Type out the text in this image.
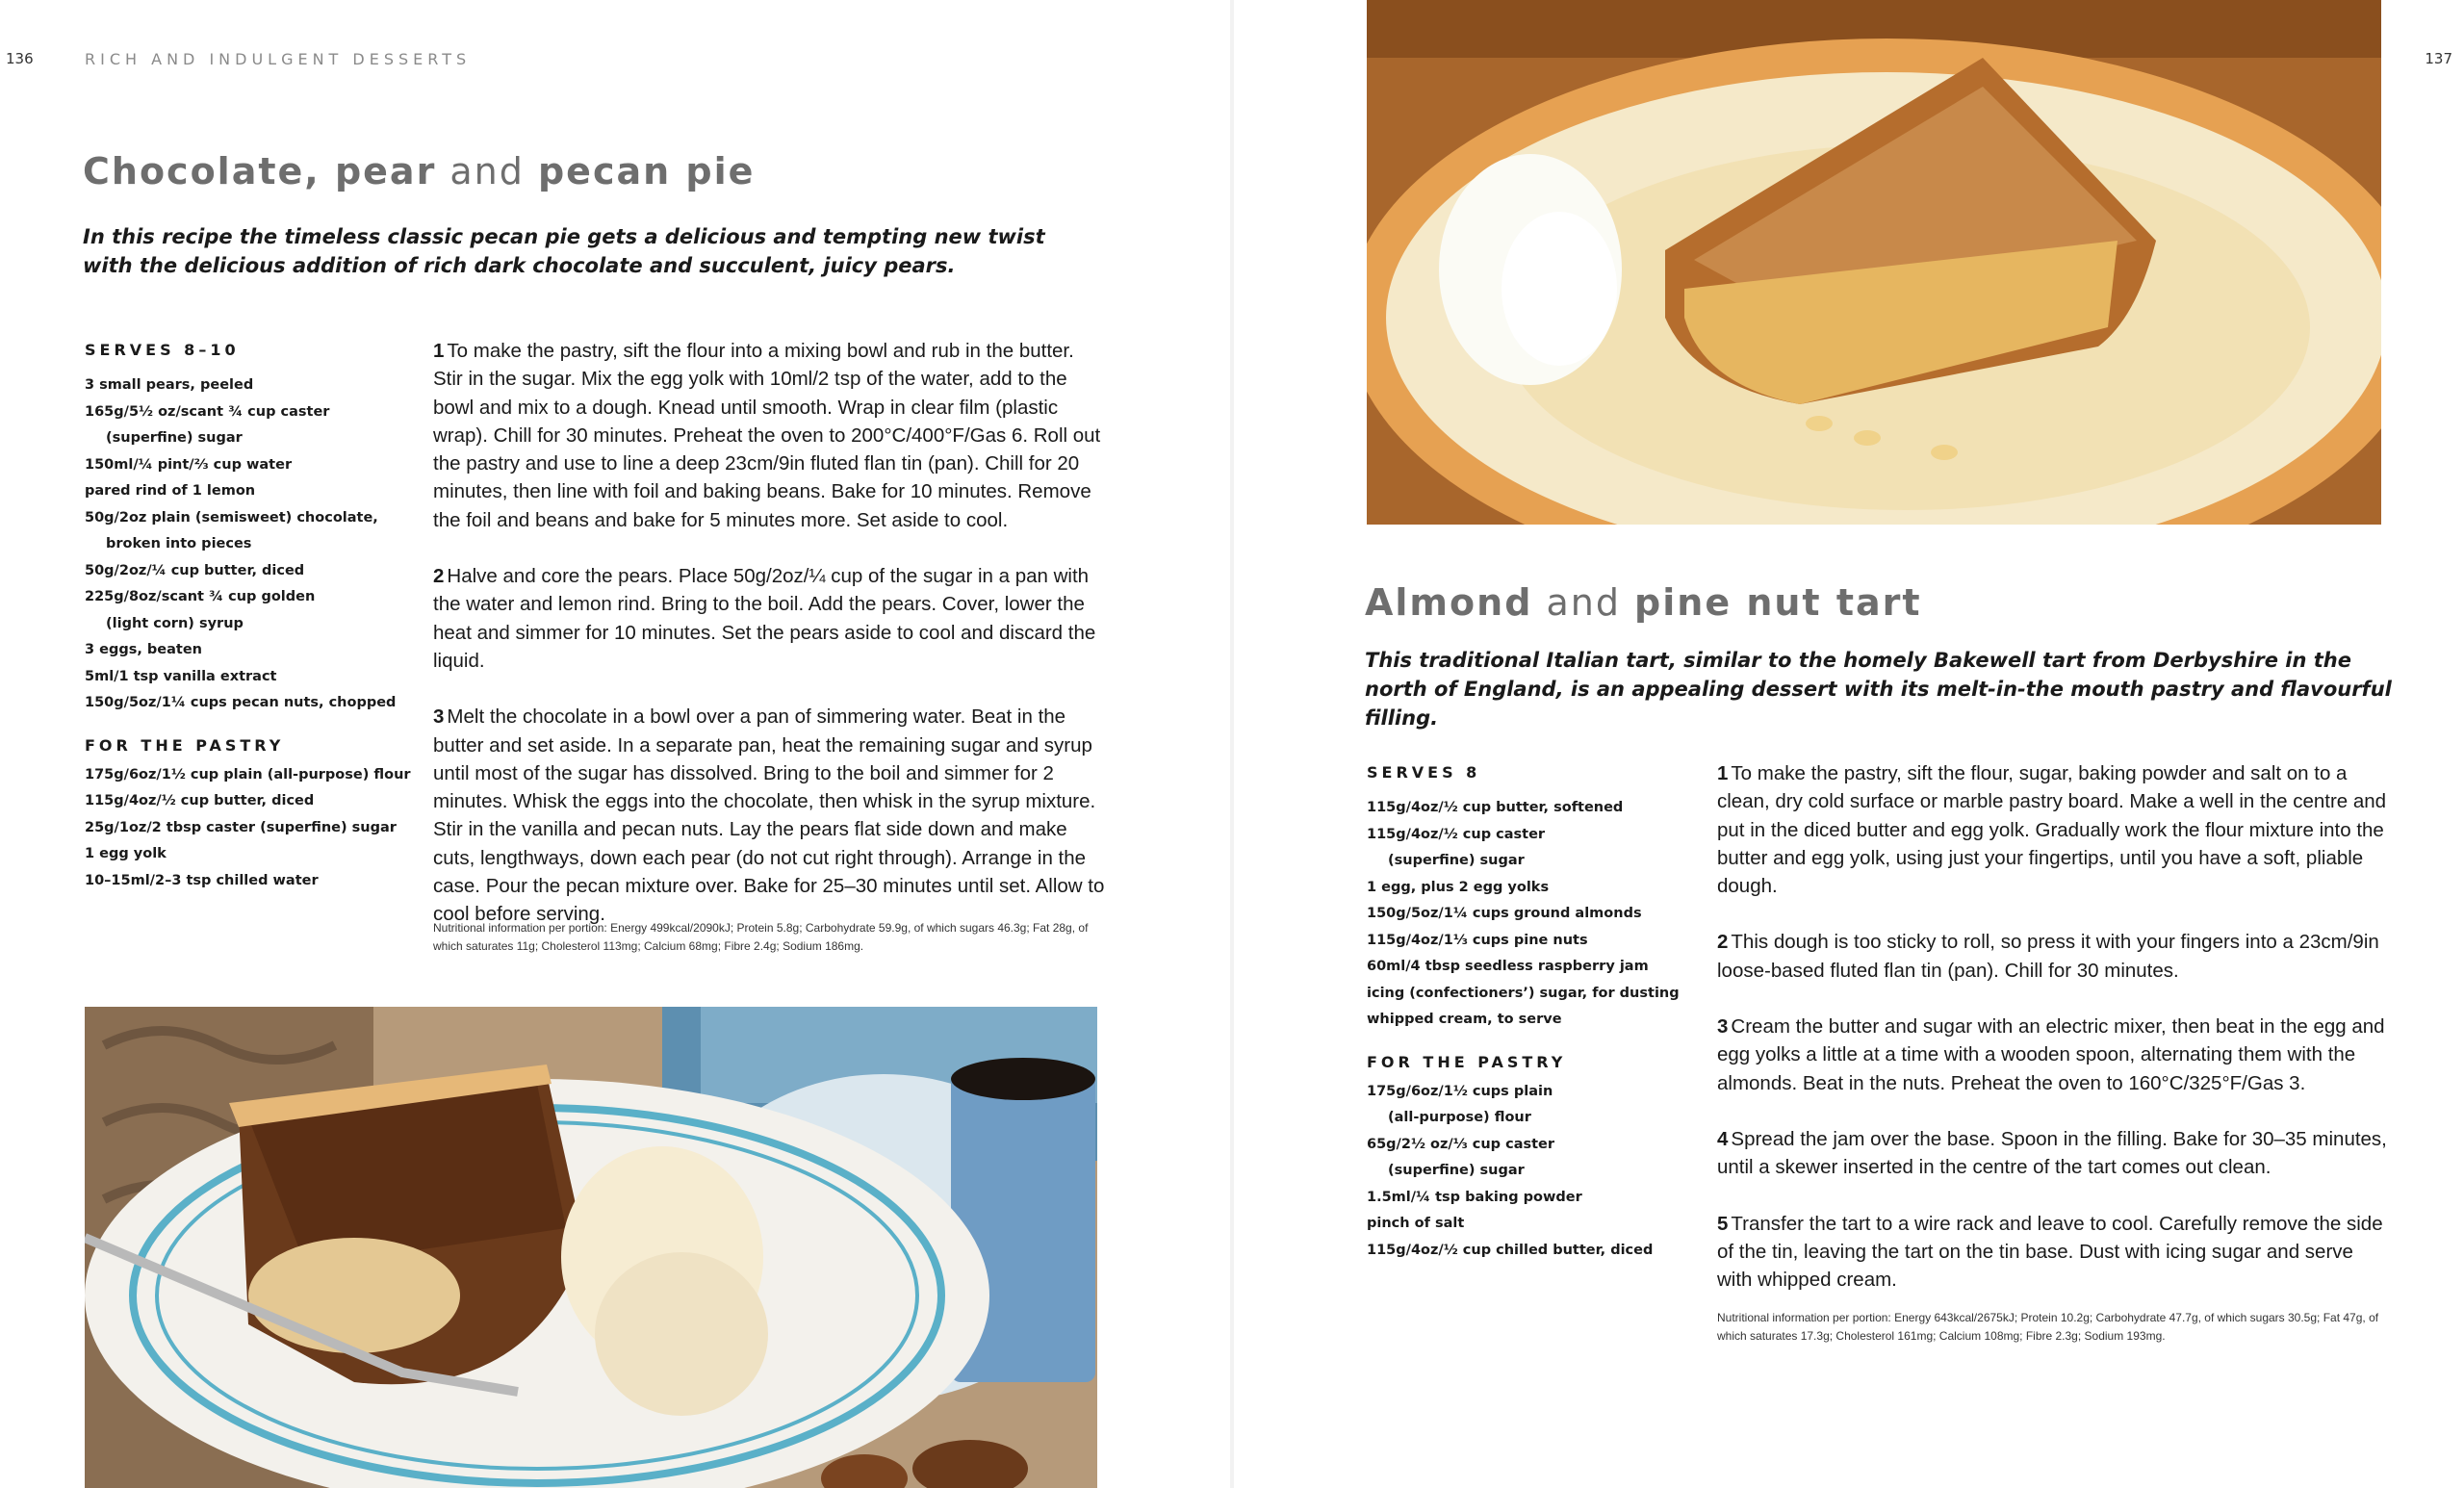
136	RICH AND INDULGENT DESSERTS
Chocolate, pear and pecan pie
In this recipe the timeless classic pecan pie gets a delicious and tempting new twist with the delicious addition of rich dark chocolate and succulent, juicy pears.
SERVES 8–10
3 small pears, peeled
165g/5½ oz/scant ¾ cup caster
(superfine) sugar
150ml/¼ pint/⅔ cup water
pared rind of 1 lemon
50g/2oz plain (semisweet) chocolate,
broken into pieces
50g/2oz/¼ cup butter, diced
225g/8oz/scant ¾ cup golden
(light corn) syrup
3 eggs, beaten
5ml/1 tsp vanilla extract
150g/5oz/1¼ cups pecan nuts, chopped
FOR THE PASTRY
175g/6oz/1½ cup plain (all-purpose) flour
115g/4oz/½ cup butter, diced
25g/1oz/2 tbsp caster (superfine) sugar
1 egg yolk
10–15ml/2–3 tsp chilled water
1 To make the pastry, sift the flour into a mixing bowl and rub in the butter. Stir in the sugar. Mix the egg yolk with 10ml/2 tsp of the water, add to the bowl and mix to a dough. Knead until smooth. Wrap in clear film (plastic wrap). Chill for 30 minutes. Preheat the oven to 200°C/400°F/Gas 6. Roll out the pastry and use to line a deep 23cm/9in fluted flan tin (pan). Chill for 20 minutes, then line with foil and baking beans. Bake for 10 minutes. Remove the foil and beans and bake for 5 minutes more. Set aside to cool.
2 Halve and core the pears. Place 50g/2oz/¼ cup of the sugar in a pan with the water and lemon rind. Bring to the boil. Add the pears. Cover, lower the heat and simmer for 10 minutes. Set the pears aside to cool and discard the liquid.
3 Melt the chocolate in a bowl over a pan of simmering water. Beat in the butter and set aside. In a separate pan, heat the remaining sugar and syrup until most of the sugar has dissolved. Bring to the boil and simmer for 2 minutes. Whisk the eggs into the chocolate, then whisk in the syrup mixture. Stir in the vanilla and pecan nuts. Lay the pears flat side down and make cuts, lengthways, down each pear (do not cut right through). Arrange in the case. Pour the pecan mixture over. Bake for 25–30 minutes until set. Allow to cool before serving.
Nutritional information per portion: Energy 499kcal/2090kJ; Protein 5.8g; Carbohydrate 59.9g, of which sugars 46.3g; Fat 28g, of which saturates 11g; Cholesterol 113mg; Calcium 68mg; Fibre 2.4g; Sodium 186mg.
137
Almond and pine nut tart
This traditional Italian tart, similar to the homely Bakewell tart from Derbyshire in the north of England, is an appealing dessert with its melt-in-the mouth pastry and flavourful filling.
SERVES 8
115g/4oz/½ cup butter, softened
115g/4oz/½ cup caster
(superfine) sugar
1 egg, plus 2 egg yolks
150g/5oz/1¼ cups ground almonds
115g/4oz/1⅓ cups pine nuts
60ml/4 tbsp seedless raspberry jam
icing (confectioners’) sugar, for dusting
whipped cream, to serve
FOR THE PASTRY
175g/6oz/1½ cups plain
(all-purpose) flour
65g/2½ oz/⅓ cup caster
(superfine) sugar
1.5ml/¼ tsp baking powder
pinch of salt
115g/4oz/½ cup chilled butter, diced
1 To make the pastry, sift the flour, sugar, baking powder and salt on to a clean, dry cold surface or marble pastry board. Make a well in the centre and put in the diced butter and egg yolk. Gradually work the flour mixture into the butter and egg yolk, using just your fingertips, until you have a soft, pliable dough.
2 This dough is too sticky to roll, so press it with your fingers into a 23cm/9in loose-based fluted flan tin (pan). Chill for 30 minutes.
3 Cream the butter and sugar with an electric mixer, then beat in the egg and egg yolks a little at a time with a wooden spoon, alternating them with the almonds. Beat in the nuts. Preheat the oven to 160°C/325°F/Gas 3.
4 Spread the jam over the base. Spoon in the filling. Bake for 30–35 minutes, until a skewer inserted in the centre of the tart comes out clean.
5 Transfer the tart to a wire rack and leave to cool. Carefully remove the side of the tin, leaving the tart on the tin base. Dust with icing sugar and serve with whipped cream.
Nutritional information per portion: Energy 643kcal/2675kJ; Protein 10.2g; Carbohydrate 47.7g, of which sugars 30.5g; Fat 47g, of which saturates 17.3g; Cholesterol 161mg; Calcium 108mg; Fibre 2.3g; Sodium 193mg.
